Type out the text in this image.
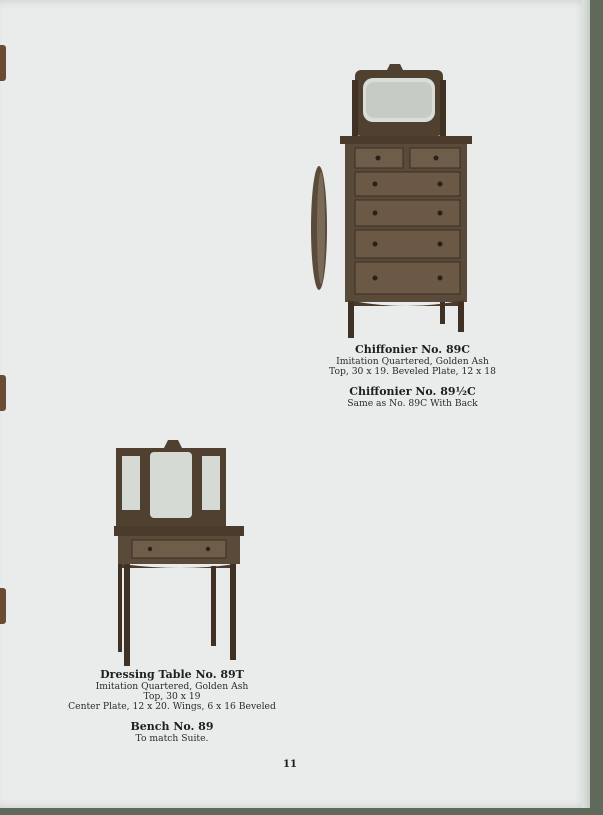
Chiffonier No. 89C
Imitation Quartered, Golden Ash
Top, 30 x 19. Beveled Plate, 12 x 18
Chiffonier No. 89½C
Same as No. 89C With Back
Dressing Table No. 89T
Imitation Quartered, Golden Ash
Top, 30 x 19
Center Plate, 12 x 20. Wings, 6 x 16 Beveled
Bench No. 89
To match Suite.
11
